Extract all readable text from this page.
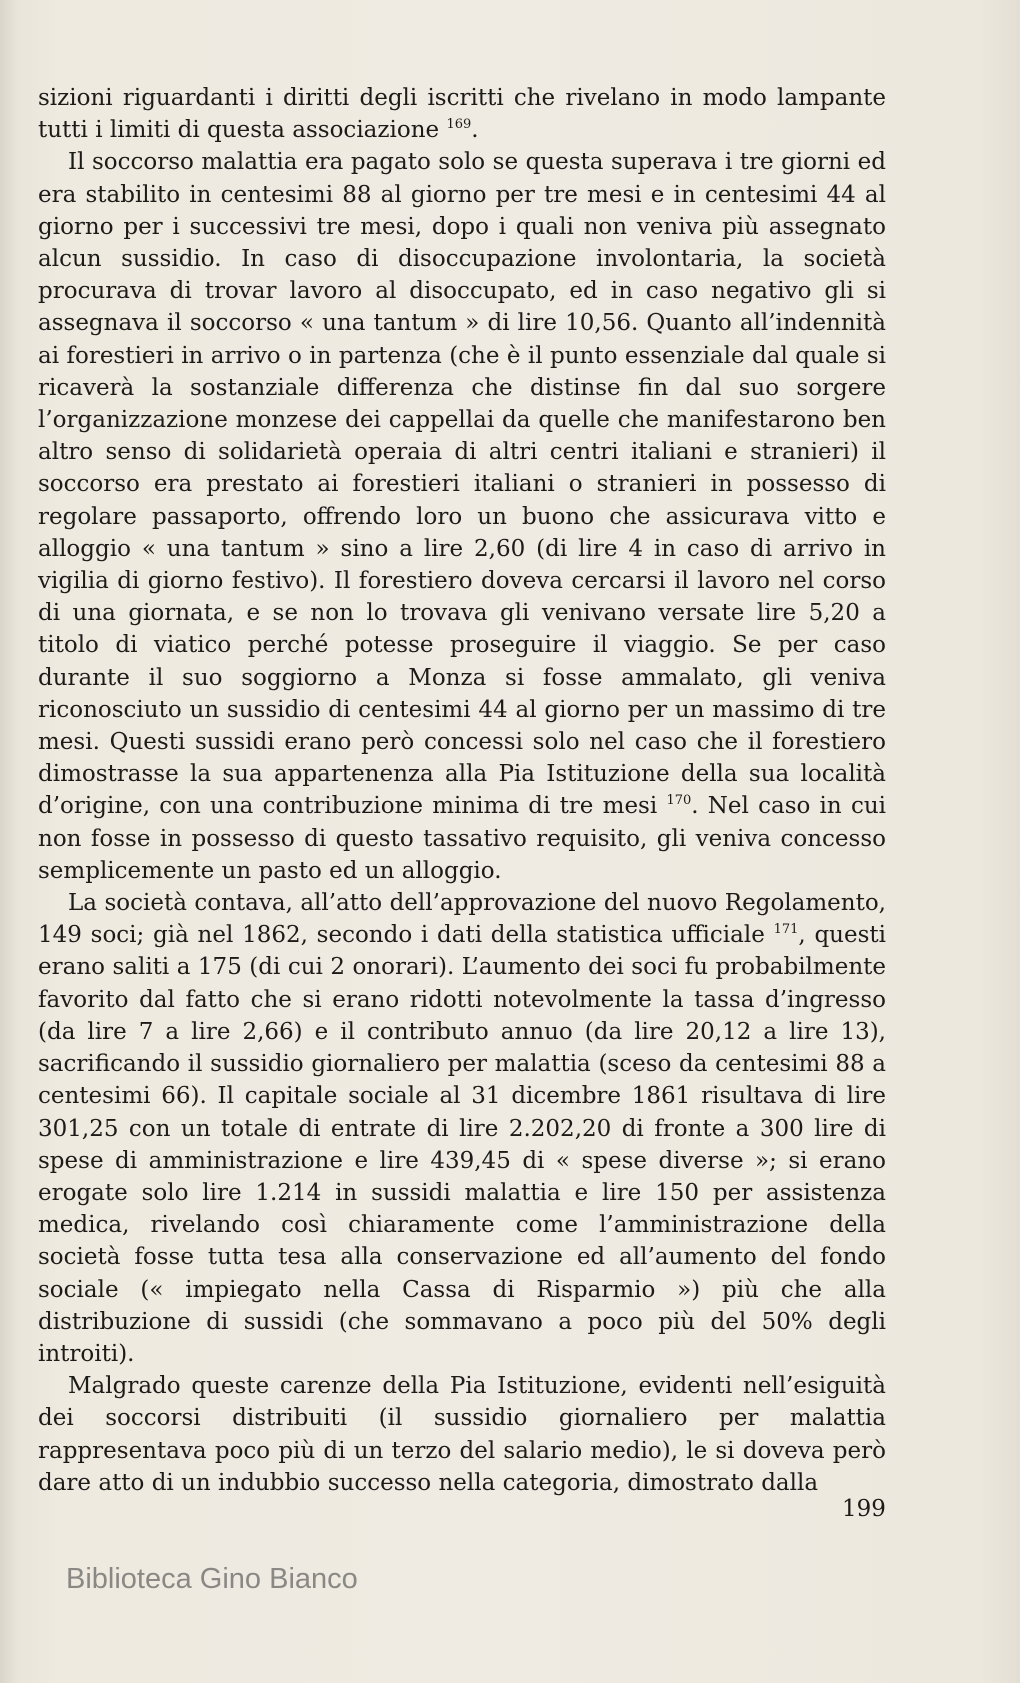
sizioni riguardanti i diritti degli iscritti che rivelano in modo lampante tutti i limiti di questa associazione $^{169}$.

Il soccorso malattia era pagato solo se questa superava i tre giorni ed era stabilito in centesimi 88 al giorno per tre mesi e in centesimi 44 al giorno per i successivi tre mesi, dopo i quali non veniva più assegnato alcun sussidio. In caso di disoccupazione involontaria, la società procurava di trovar lavoro al disoccupato, ed in caso negativo gli si assegnava il soccorso « una tantum » di lire 10,56. Quanto all’indennità ai forestieri in arrivo o in partenza (che è il punto essenziale dal quale si ricaverà la sostanziale differenza che distinse fin dal suo sorgere l’organizzazione monzese dei cappellai da quelle che manifestarono ben altro senso di solidarietà operaia di altri centri italiani e stranieri) il soccorso era prestato ai forestieri italiani o stranieri in possesso di regolare passaporto, offrendo loro un buono che assicurava vitto e alloggio « una tantum » sino a lire 2,60 (di lire 4 in caso di arrivo in vigilia di giorno festivo). Il forestiero doveva cercarsi il lavoro nel corso di una giornata, e se non lo trovava gli venivano versate lire 5,20 a titolo di viatico perché potesse proseguire il viaggio. Se per caso durante il suo soggiorno a Monza si fosse ammalato, gli veniva riconosciuto un sussidio di centesimi 44 al giorno per un massimo di tre mesi. Questi sussidi erano però concessi solo nel caso che il forestiero dimostrasse la sua appartenenza alla Pia Istituzione della sua località d’origine, con una contribuzione minima di tre mesi $^{170}$. Nel caso in cui non fosse in possesso di questo tassativo requisito, gli veniva concesso semplicemente un pasto ed un alloggio.

La società contava, all’atto dell’approvazione del nuovo Regolamento, 149 soci; già nel 1862, secondo i dati della statistica ufficiale $^{171}$, questi erano saliti a 175 (di cui 2 onorari). L’aumento dei soci fu probabilmente favorito dal fatto che si erano ridotti notevolmente la tassa d’ingresso (da lire 7 a lire 2,66) e il contributo annuo (da lire 20,12 a lire 13), sacrificando il sussidio giornaliero per malattia (sceso da centesimi 88 a centesimi 66). Il capitale sociale al 31 dicembre 1861 risultava di lire 301,25 con un totale di entrate di lire 2.202,20 di fronte a 300 lire di spese di amministrazione e lire 439,45 di « spese diverse »; si erano erogate solo lire 1.214 in sussidi malattia e lire 150 per assistenza medica, rivelando così chiaramente come l’amministrazione della società fosse tutta tesa alla conservazione ed all’aumento del fondo sociale (« impiegato nella Cassa di Risparmio ») più che alla distribuzione di sussidi (che sommavano a poco più del 50% degli introiti).

Malgrado queste carenze della Pia Istituzione, evidenti nell’esiguità dei soccorsi distribuiti (il sussidio giornaliero per malattia rappresentava poco più di un terzo del salario medio), le si doveva però dare atto di un indubbio successo nella categoria, dimostrato dalla

199
Biblioteca Gino Bianco
